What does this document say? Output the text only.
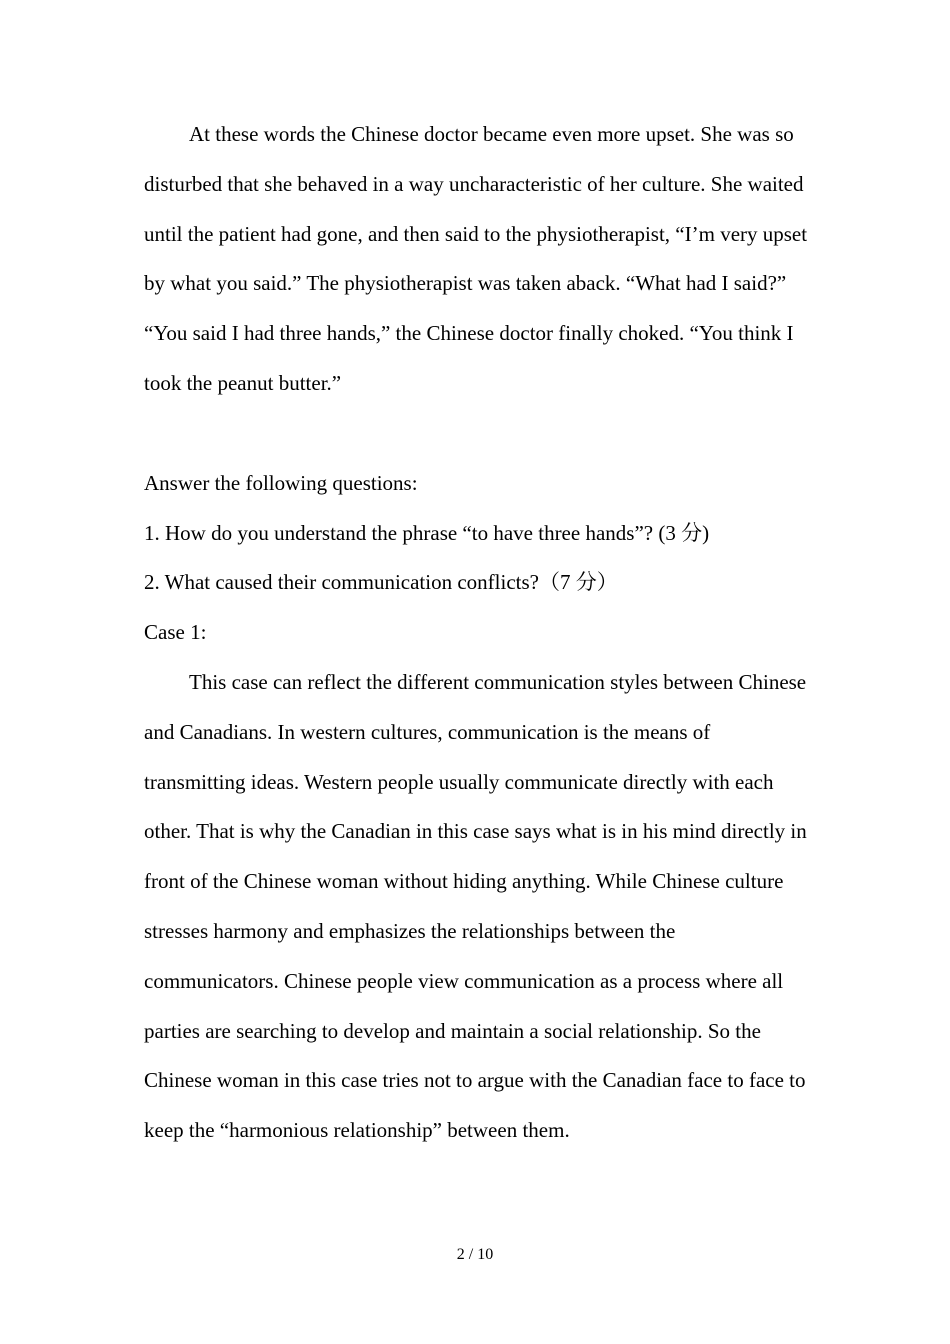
At these words the Chinese doctor became even more upset. She was so disturbed that she behaved in a way uncharacteristic of her culture. She waited until the patient had gone, and then said to the physiotherapist, “I’m very upset by what you said.” The physiotherapist was taken aback. “What had I said?” “You said I had three hands,” the Chinese doctor finally choked. “You think I took the peanut butter.”

Answer the following questions:

1. How do you understand the phrase “to have three hands”? (3 分)

2. What caused their communication conflicts?（7 分）

Case 1:

This case can reflect the different communication styles between Chinese and Canadians. In western cultures, communication is the means of transmitting ideas. Western people usually communicate directly with each other. That is why the Canadian in this case says what is in his mind directly in front of the Chinese woman without hiding anything. While Chinese culture stresses harmony and emphasizes the relationships between the communicators. Chinese people view communication as a process where all parties are searching to develop and maintain a social relationship. So the Chinese woman in this case tries not to argue with the Canadian face to face to keep the “harmonious relationship” between them.

2 / 10
